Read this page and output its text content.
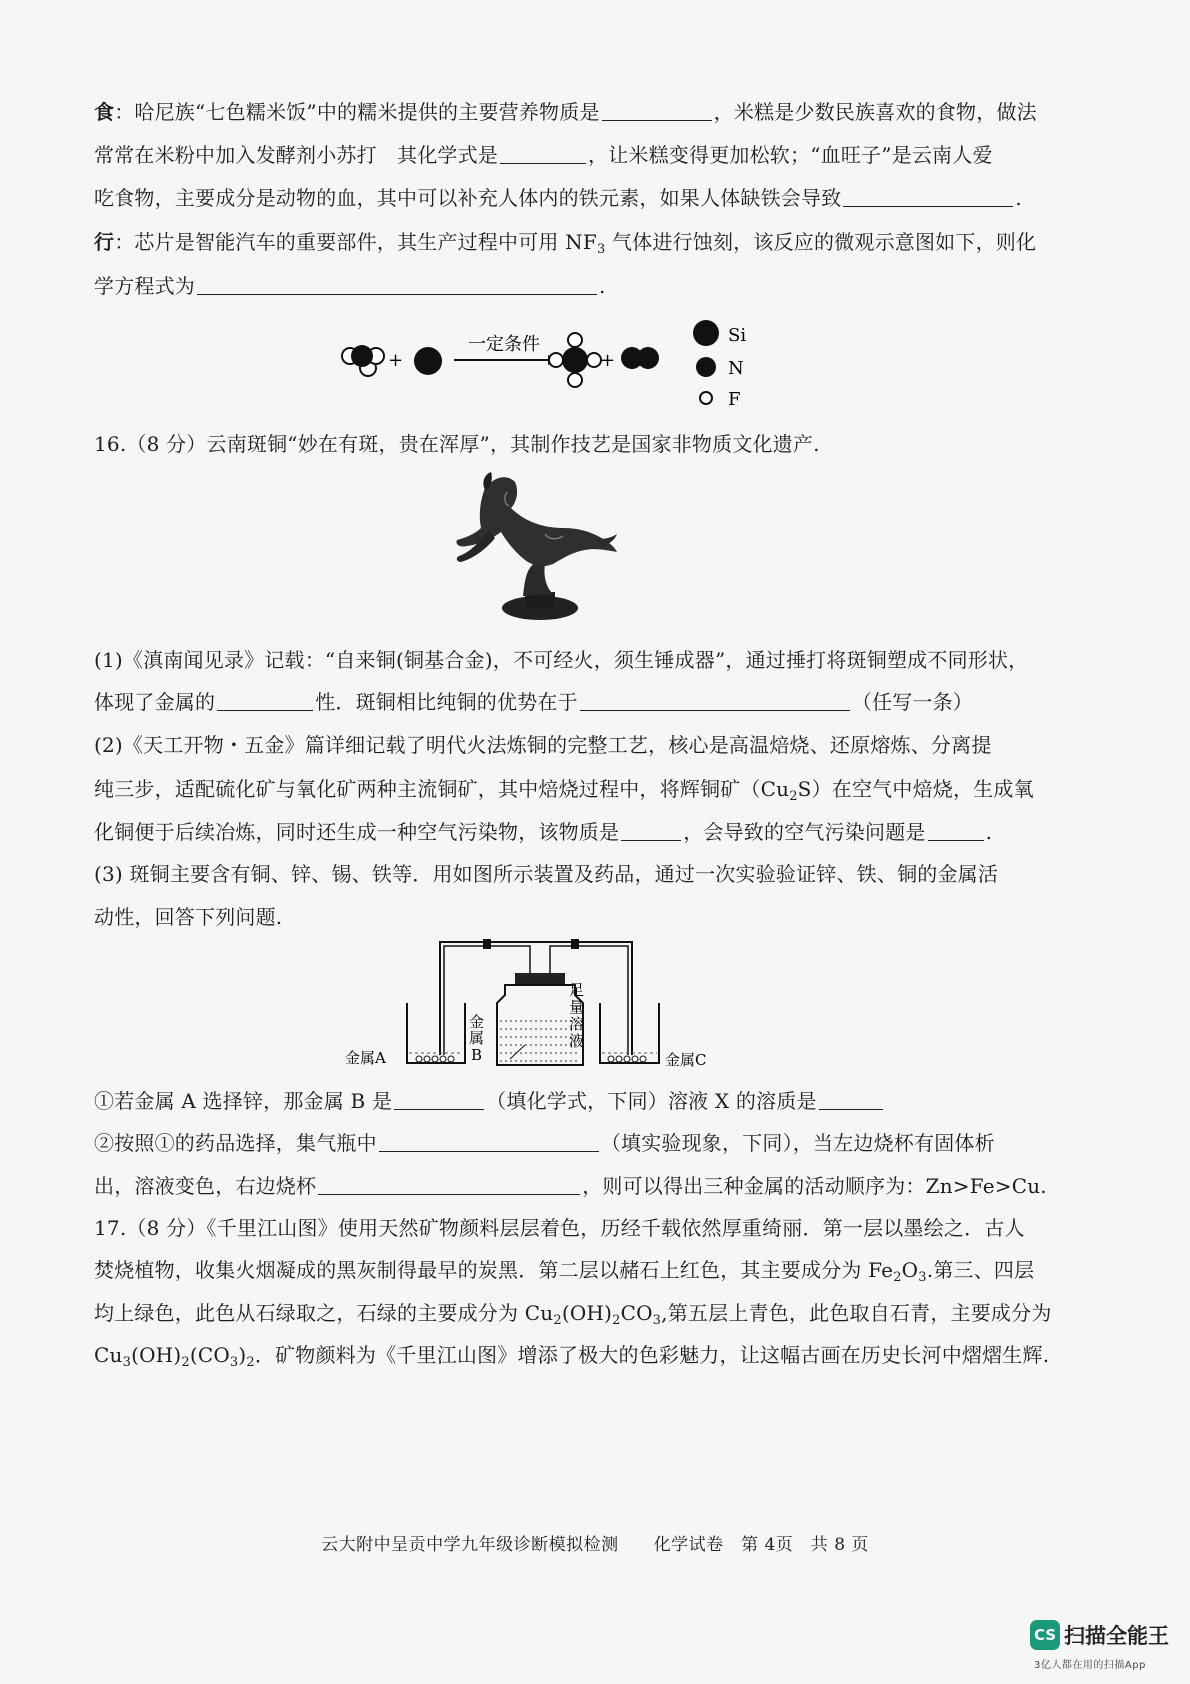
食：哈尼族“七色糯米饭”中的糯米提供的主要营养物质是	，米糕是少数民族喜欢的食物，做法
常常在米粉中加入发酵剂小苏打　其化学式是	，让米糕变得更加松软；“血旺子”是云南人爱
吃食物，主要成分是动物的血，其中可以补充人体内的铁元素，如果人体缺铁会导致	.
行：芯片是智能汽车的重要部件，其生产过程中可用 $NF_3$ 气体进行蚀刻，该反应的微观示意图如下，则化
学方程式为	.
+
一定条件
+
Si
N
F
16.（8 分）云南斑铜“妙在有斑，贵在浑厚”，其制作技艺是国家非物质文化遗产.
(1)《滇南闻见录》记载：“自来铜(铜基合金)，不可经火，须生锤成器”，通过捶打将斑铜塑成不同形状，
体现了金属的	性．斑铜相比纯铜的优势在于	（任写一条）
(2)《天工开物・五金》篇详细记载了明代火法炼铜的完整工艺，核心是高温焙烧、还原熔炼、分离提
纯三步，适配硫化矿与氧化矿两种主流铜矿，其中焙烧过程中，将辉铜矿$(Cu_2S)$在空气中焙烧，生成氧
化铜便于后续冶炼，同时还生成一种空气污染物，该物质是	，会导致的空气污染问题是	.
(3) 斑铜主要含有铜、锌、锡、铁等．用如图所示装置及药品，通过一次实验验证锌、铁、铜的金属活
动性，回答下列问题.
金属A
金
属
B
足
量
溶
液
金属C
①若金属 A 选择锌，那金属 B 是	（填化学式，下同）溶液 X 的溶质是
②按照①的药品选择，集气瓶中	（填实验现象，下同），当左边烧杯有固体析
出，溶液变色，右边烧杯	，则可以得出三种金属的活动顺序为：Zn>Fe>Cu.
17.（8 分）《千里江山图》使用天然矿物颜料层层着色，历经千载依然厚重绮丽．第一层以墨绘之．古人
焚烧植物，收集火烟凝成的黑灰制得最早的炭黑．第二层以赭石上红色，其主要成分为 $Fe_2O_3$.第三、四层
均上绿色，此色从石绿取之，石绿的主要成分为 $Cu_2(OH)_2CO_3$,第五层上青色，此色取自石青，主要成分为
$Cu_3(OH)_2(CO_3)_2$．矿物颜料为《千里江山图》增添了极大的色彩魅力，让这幅古画在历史长河中熠熠生辉.
云大附中呈贡中学九年级诊断模拟检测　　化学试卷　第 4页　共 8 页
CS 扫描全能王
3亿人都在用的扫描App
